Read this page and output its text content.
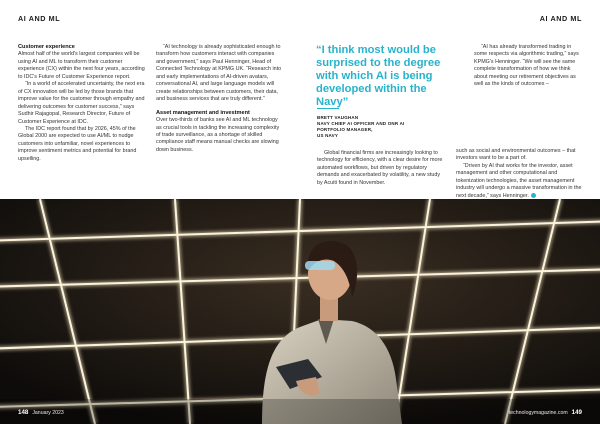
AI AND ML	AI AND ML
Customer experience

Almost half of the world's largest companies will be using AI and ML to transform their customer experience (CX) within the next four years, according to IDC's Future of Customer Experience report.

“In a world of accelerated uncertainty, the next era of CX innovation will be led by those brands that improve value for the customer through empathy and delivering outcomes for customer success,” says Sudhir Rajagopal, Research Director, Future of Customer Experience at IDC.

The IDC report found that by 2026, 45% of the Global 2000 are expected to use AI/ML to nudge customers into unfamiliar, novel experiences to improve sentiment metrics and potential for brand upselling.

“AI technology is already sophisticated enough to transform how customers interact with companies and government,” says Paul Henninger, Head of Connected Technology at KPMG UK. “Research into and early implementations of AI-driven avatars, conversational AI, and large language models will create relationships between customers, their data, and business services that are truly different.”

Asset management and investment

Over two-thirds of banks see AI and ML technology as crucial tools in tackling the increasing complexity of trade surveillance, as a shortage of skilled compliance staff means manual checks are slowing down business.

“I think most would be surprised to the degree with which AI is being developed within the Navy”
BRETT VAUGHAN
NAVY CHIEF AI OFFICER AND ONR AI
PORTFOLIO MANAGER,
US NAVY

Global financial firms are increasingly looking to technology for efficiency, with a clear desire for more automated workflows, but driven by regulatory demands and exacerbated by volatility, a new study by Acuiti found in November.

“AI has already transformed trading in some respects via algorithmic trading,” says KPMG's Henninger. “We will see the same complete transformation of how we think about meeting our retirement objectives as well as the kinds of outcomes –

such as social and environmental outcomes – that investors want to be a part of.

“Driven by AI that works for the investor, asset management and other computational and tokenization technologies, the asset management industry will undergo a massive transformation in the next decade,” says Henninger.

148 January 2023	technologymagazine.com 149
